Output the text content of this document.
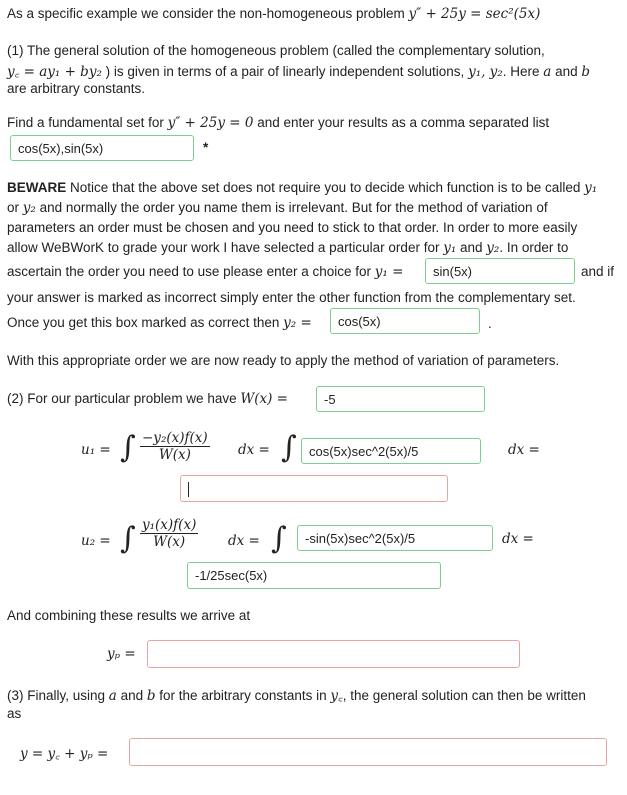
As a specific example we consider the non-homogeneous problem y″ + 25y = sec²(5x)
(1) The general solution of the homogeneous problem (called the complementary solution,
y꜀ = ay₁ + by₂ ) is given in terms of a pair of linearly independent solutions, y₁, y₂. Here a and b
are arbitrary constants.
Find a fundamental set for y″ + 25y = 0 and enter your results as a comma separated list
cos(5x),sin(5x)	*
BEWARE Notice that the above set does not require you to decide which function is to be called y₁
or y₂ and normally the order you name them is irrelevant. But for the method of variation of
parameters an order must be chosen and you need to stick to that order. In order to more easily
allow WeBWorK to grade your work I have selected a particular order for y₁ and y₂. In order to
ascertain the order you need to use please enter a choice for y₁ =	sin(5x)	and if
your answer is marked as incorrect simply enter the other function from the complementary set.
Once you get this box marked as correct then y₂ =	cos(5x)	.
With this appropriate order we are now ready to apply the method of variation of parameters.
(2) For our particular problem we have W(x) =	-5
u₁ = ∫ $\frac{\text{−y₂(x)f(x)}}{W(x)}$ dx = ∫ cos(5x)sec^2(5x)/5	dx =
u₂ = ∫ $\frac{\text{y₁(x)f(x)}}{W(x)}$ dx = ∫	-sin(5x)sec^2(5x)/5	dx =
-1/25sec(5x)
And combining these results we arrive at
yₚ =
(3) Finally, using a and b for the arbitrary constants in y꜀, the general solution can then be written
as
y = y꜀ + yₚ =
